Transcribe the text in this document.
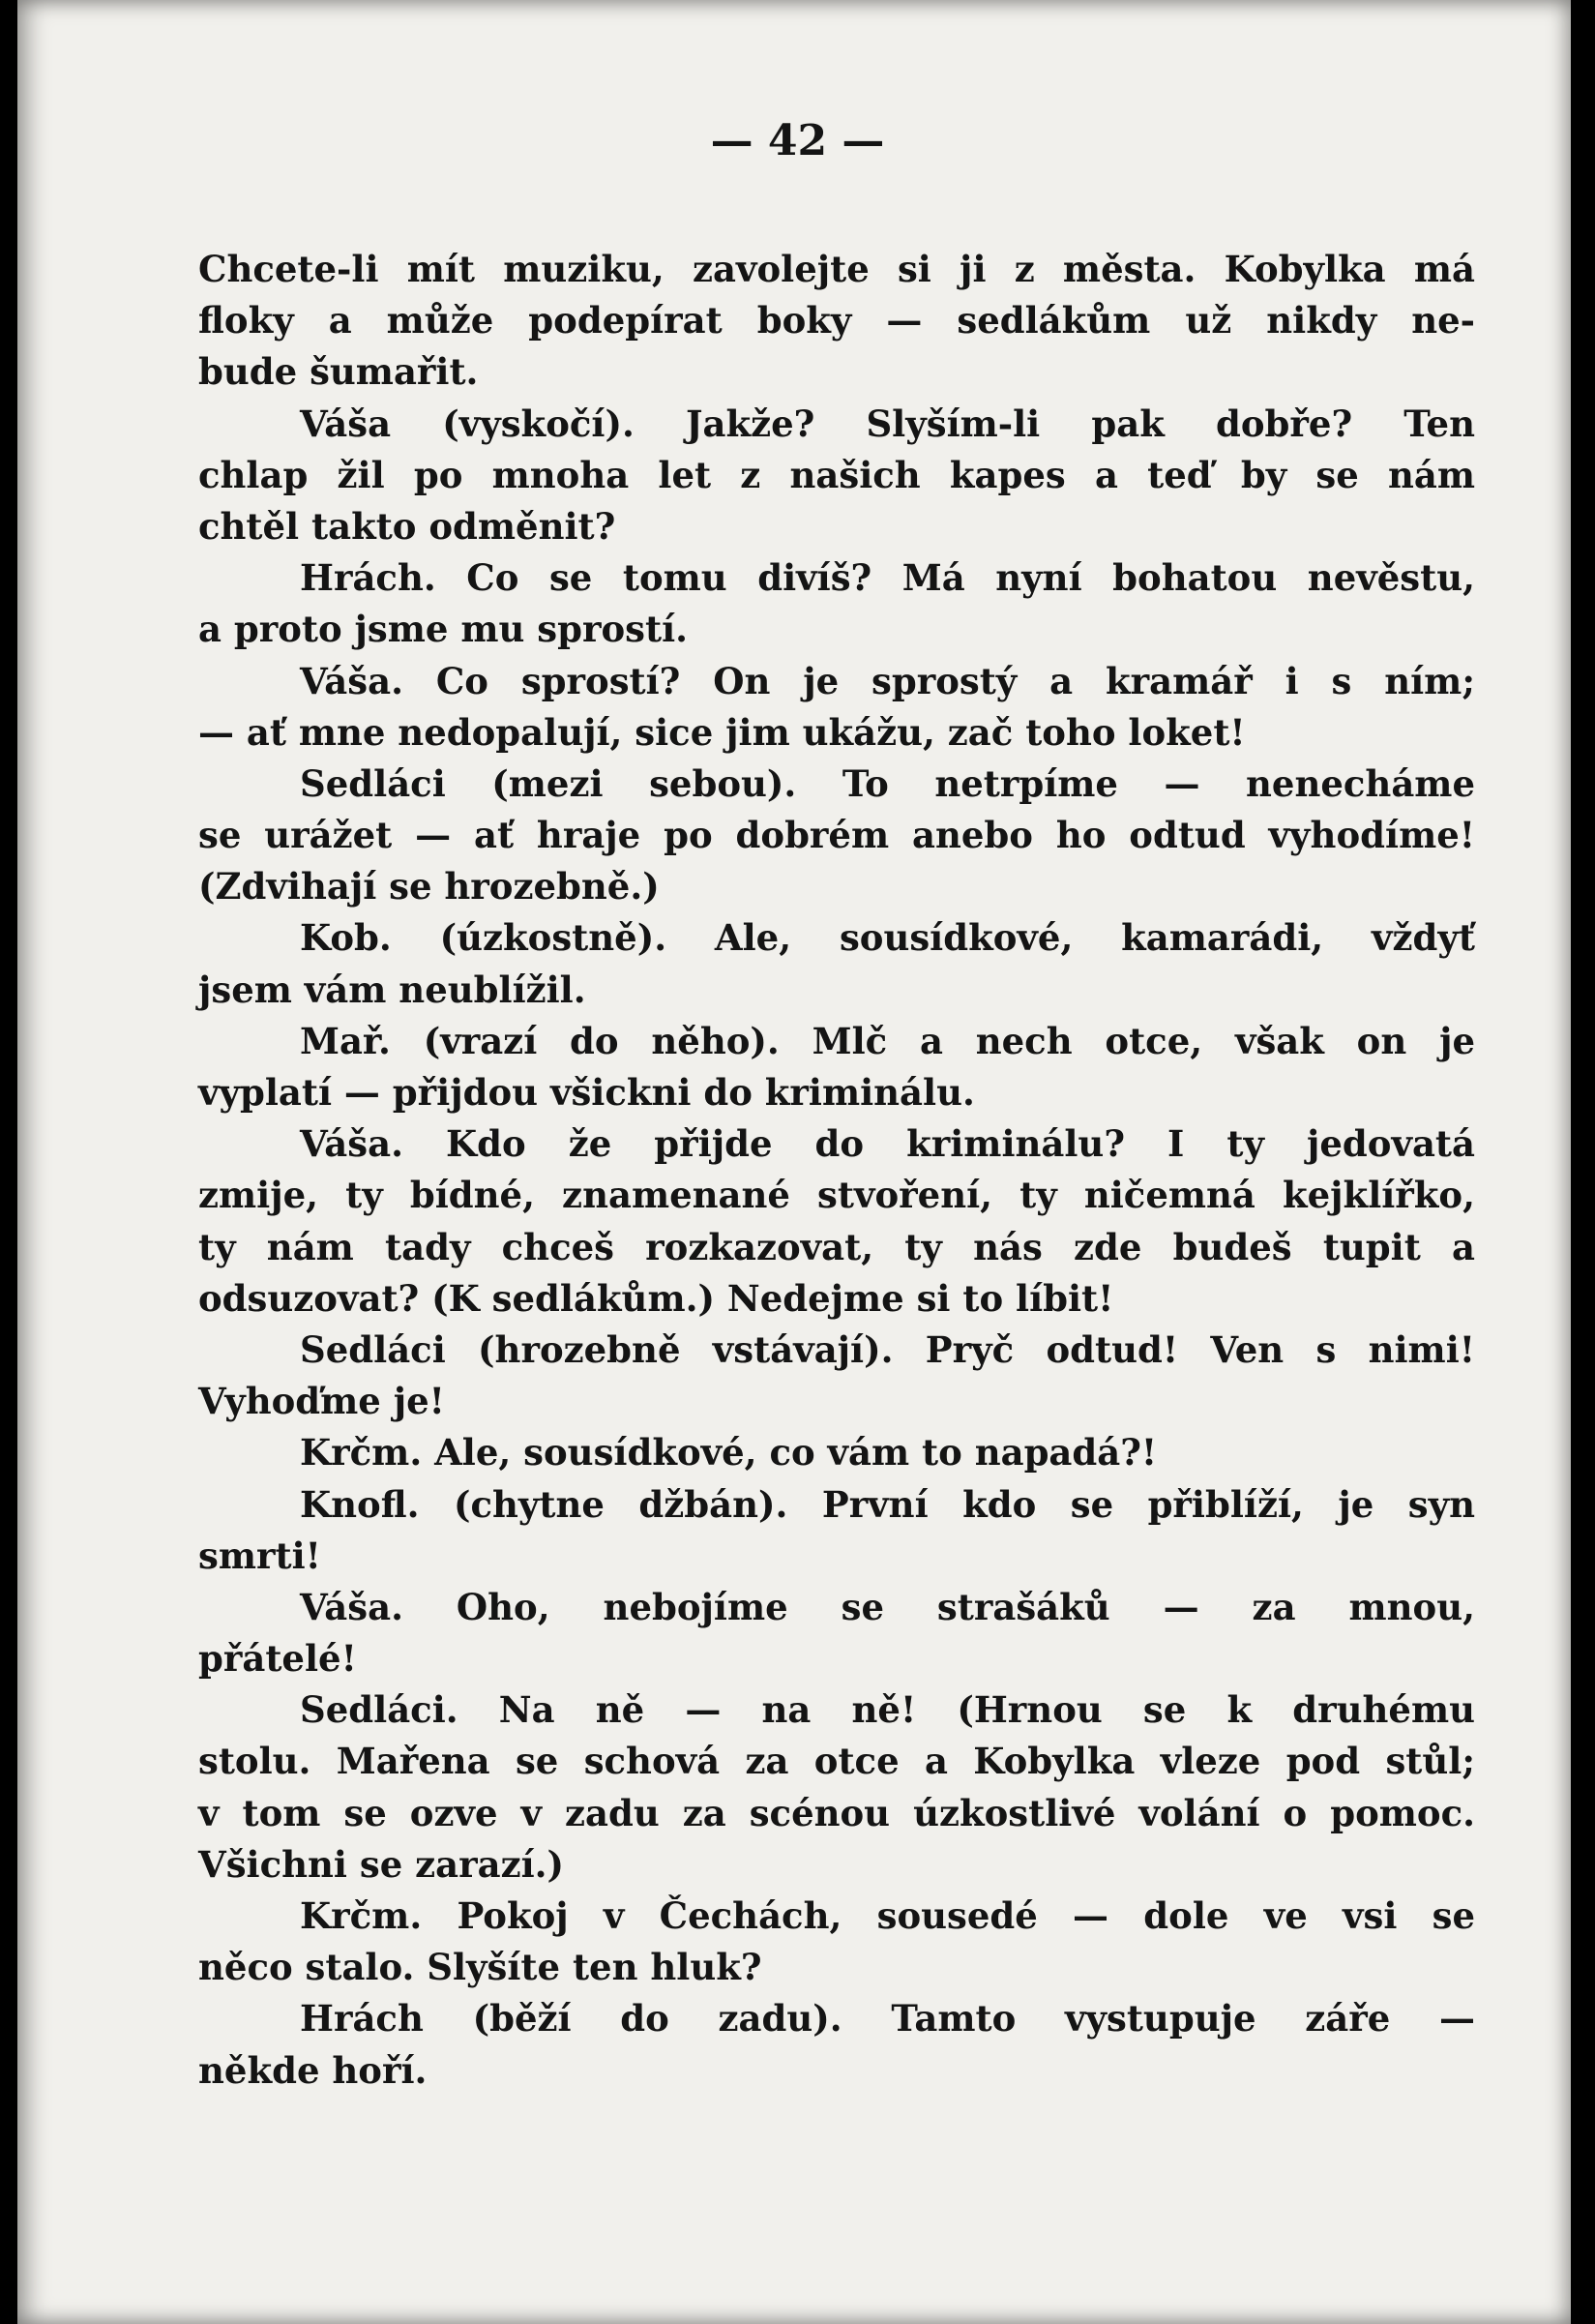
— 42 —
Chcete-li mít muziku, zavolejte si ji z města. Kobylka má
floky a může podepírat boky — sedlákům už nikdy ne-
bude šumařit.
Váša (vyskočí). Jakže? Slyším-li pak dobře? Ten
chlap žil po mnoha let z našich kapes a teď by se nám
chtěl takto odměnit?
Hrách. Co se tomu divíš? Má nyní bohatou nevěstu,
a proto jsme mu sprostí.
Váša. Co sprostí? On je sprostý a kramář i s ním;
— ať mne nedopalují, sice jim ukážu, zač toho loket!
Sedláci (mezi sebou). To netrpíme — nenecháme
se urážet — ať hraje po dobrém anebo ho odtud vyhodíme!
(Zdvihají se hrozebně.)
Kob. (úzkostně). Ale, sousídkové, kamarádi, vždyť
jsem vám neublížil.
Mař. (vrazí do něho). Mlč a nech otce, však on je
vyplatí — přijdou všickni do kriminálu.
Váša. Kdo že přijde do kriminálu? I ty jedovatá
zmije, ty bídné, znamenané stvoření, ty ničemná kejklířko,
ty nám tady chceš rozkazovat, ty nás zde budeš tupit a
odsuzovat? (K sedlákům.) Nedejme si to líbit!
Sedláci (hrozebně vstávají). Pryč odtud! Ven s nimi!
Vyhoďme je!
Krčm. Ale, sousídkové, co vám to napadá?!
Knofl. (chytne džbán). První kdo se přiblíží, je syn
smrti!
Váša. Oho, nebojíme se strašáků — za mnou,
přátelé!
Sedláci. Na ně — na ně! (Hrnou se k druhému
stolu. Mařena se schová za otce a Kobylka vleze pod stůl;
v tom se ozve v zadu za scénou úzkostlivé volání o pomoc.
Všichni se zarazí.)
Krčm. Pokoj v Čechách, sousedé — dole ve vsi se
něco stalo. Slyšíte ten hluk?
Hrách (běží do zadu). Tamto vystupuje záře —
někde hoří.
